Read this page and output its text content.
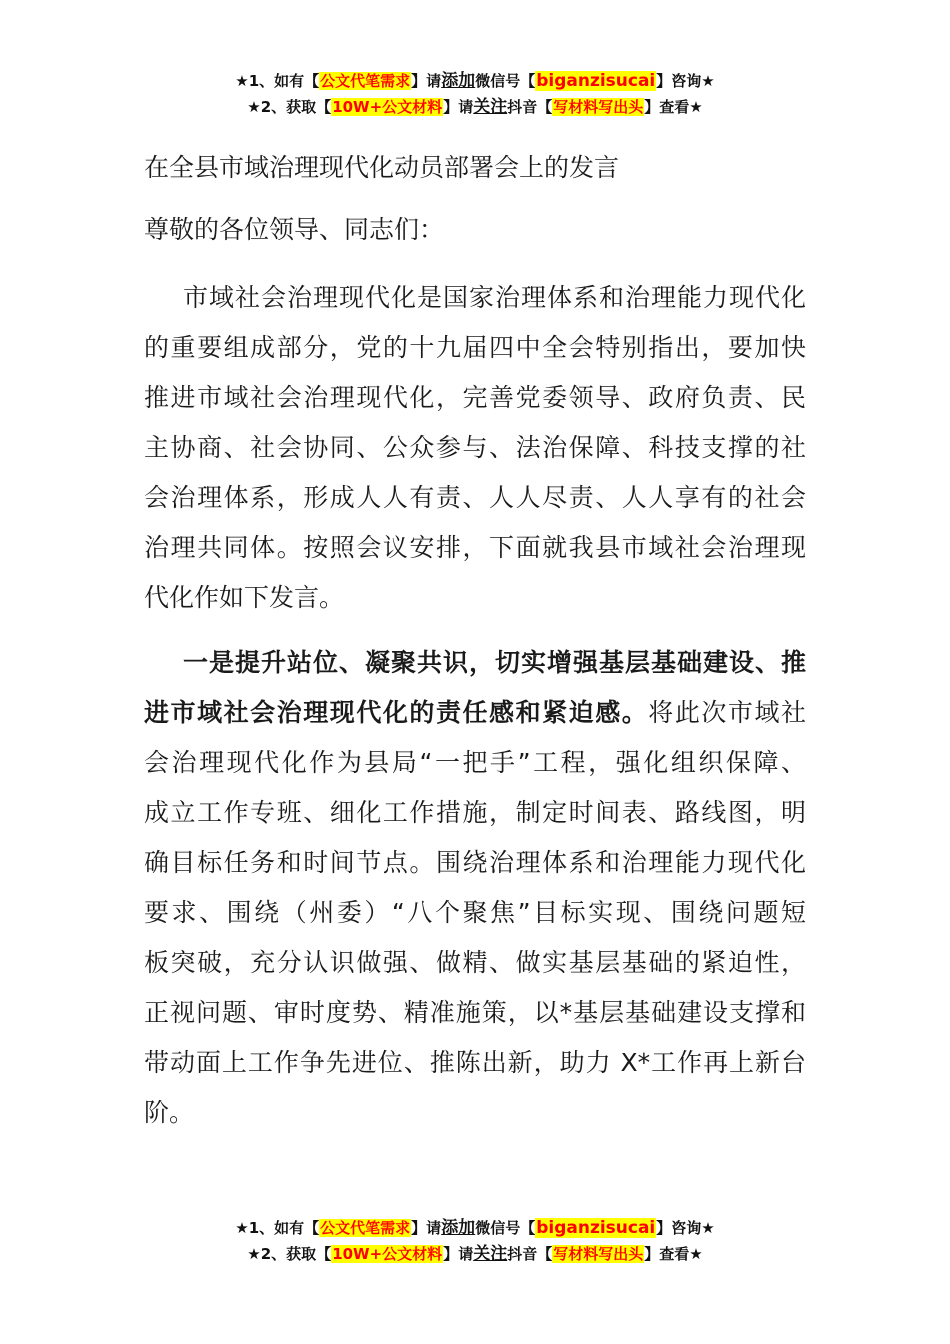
★1、如有【公文代笔需求】请添加微信号【biganzisucai】咨询★
★2、获取【10W+公文材料】请关注抖音【写材料写出头】查看★
在全县市域治理现代化动员部署会上的发言

尊敬的各位领导、同志们：

市域社会治理现代化是国家治理体系和治理能力现代化
的重要组成部分，党的十九届四中全会特别指出，要加快
推进市域社会治理现代化，完善党委领导、政府负责、民
主协商、社会协同、公众参与、法治保障、科技支撑的社
会治理体系，形成人人有责、人人尽责、人人享有的社会
治理共同体。按照会议安排，下面就我县市域社会治理现
代化作如下发言。

一是提升站位、凝聚共识，切实增强基层基础建设、推
进市域社会治理现代化的责任感和紧迫感。将此次市域社
会治理现代化作为县局“一把手”工程，强化组织保障、
成立工作专班、细化工作措施，制定时间表、路线图，明
确目标任务和时间节点。围绕治理体系和治理能力现代化
要求、围绕（州委）“八个聚焦”目标实现、围绕问题短
板突破，充分认识做强、做精、做实基层基础的紧迫性，
正视问题、审时度势、精准施策，以*基层基础建设支撑和
带动面上工作争先进位、推陈出新，助力 X*工作再上新台
阶。

★1、如有【公文代笔需求】请添加微信号【biganzisucai】咨询★
★2、获取【10W+公文材料】请关注抖音【写材料写出头】查看★
